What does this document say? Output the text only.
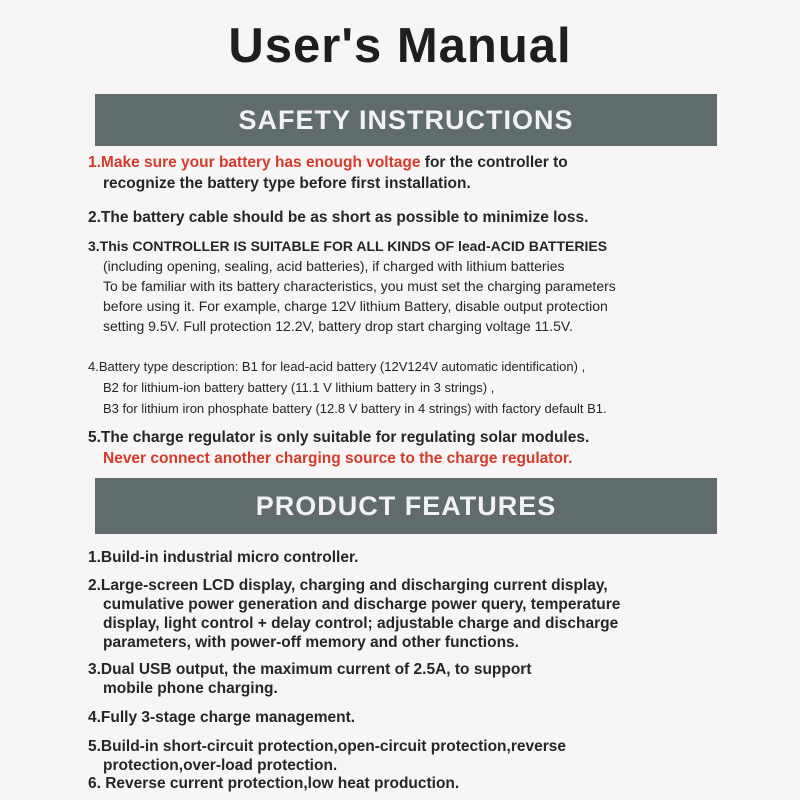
User's Manual
SAFETY INSTRUCTIONS

1.Make sure your battery has enough voltage for the controller to
recognize the battery type before first installation.

2.The battery cable should be as short as possible to minimize loss.

3.This CONTROLLER IS SUITABLE FOR ALL KINDS OF lead-ACID BATTERIES
(including opening, sealing, acid batteries), if charged with lithium batteries
To be familiar with its battery characteristics, you must set the charging parameters
before using it. For example, charge 12V lithium Battery, disable output protection
setting 9.5V. Full protection 12.2V, battery drop start charging voltage 11.5V.

4.Battery type description: B1 for lead-acid battery (12V124V automatic identification) ,
B2 for lithium-ion battery battery (11.1 V lithium battery in 3 strings) ,
B3 for lithium iron phosphate battery (12.8 V battery in 4 strings) with factory default B1.

5.The charge regulator is only suitable for regulating solar modules.
Never connect another charging source to the charge regulator.

PRODUCT FEATURES

1.Build-in industrial micro controller.

2.Large-screen LCD display, charging and discharging current display,
cumulative power generation and discharge power query, temperature
display, light control + delay control; adjustable charge and discharge
parameters, with power-off memory and other functions.

3.Dual USB output, the maximum current of 2.5A, to support
mobile phone charging.

4.Fully 3-stage charge management.

5.Build-in short-circuit protection,open-circuit protection,reverse
protection,over-load protection.

6. Reverse current protection,low heat production.
